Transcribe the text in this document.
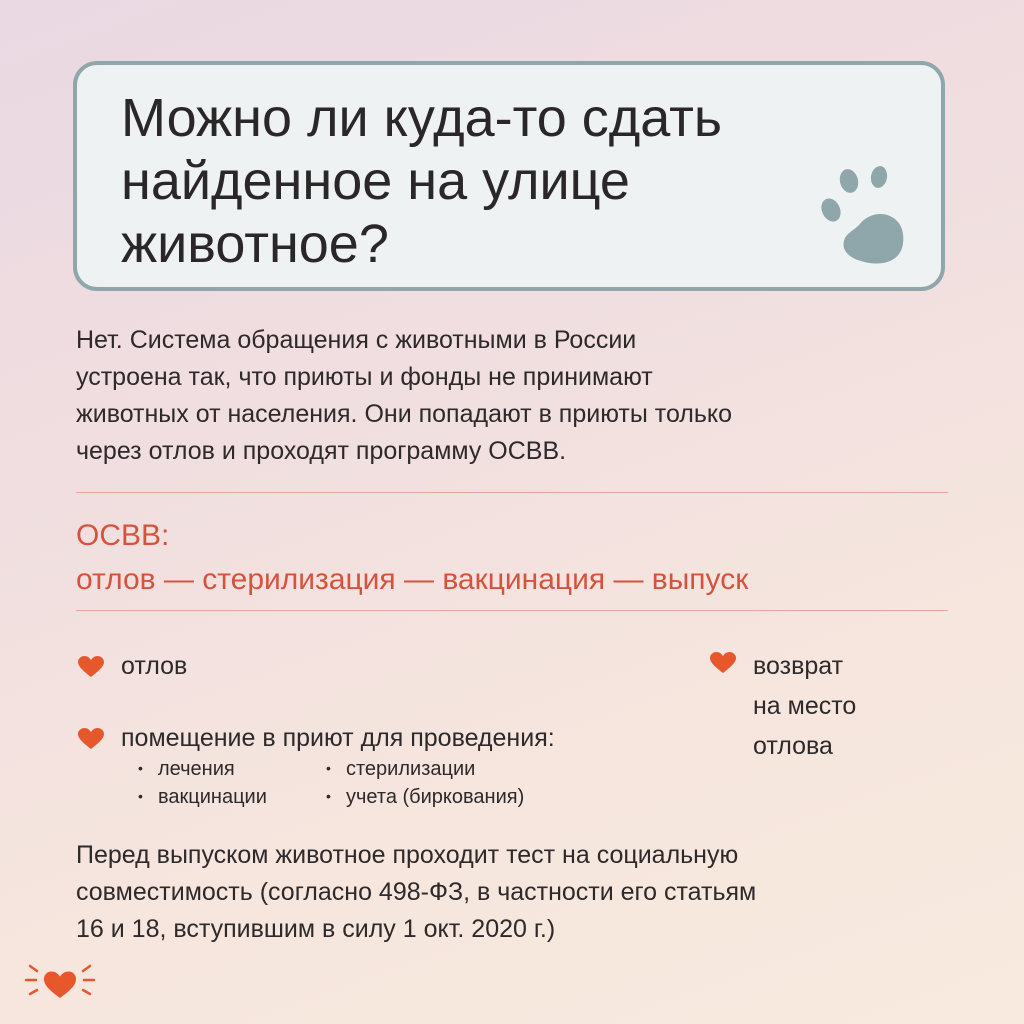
Можно ли куда-то сдать
найденное на улице
животное?

Нет. Система обращения с животными в России
устроена так, что приюты и фонды не принимают
животных от населения. Они попадают в приюты только
через отлов и проходят программу ОСВВ.

ОСВВ:
отлов — стерилизация — вакцинация — выпуск
отлов
помещение в приют для проведения:
• лечения	• стерилизации
• вакцинации	• учета (биркования)
возврат
на место
отлова

Перед выпуском животное проходит тест на социальную
совместимость (согласно 498-ФЗ, в частности его статьям
16 и 18, вступившим в силу 1 окт. 2020 г.)
